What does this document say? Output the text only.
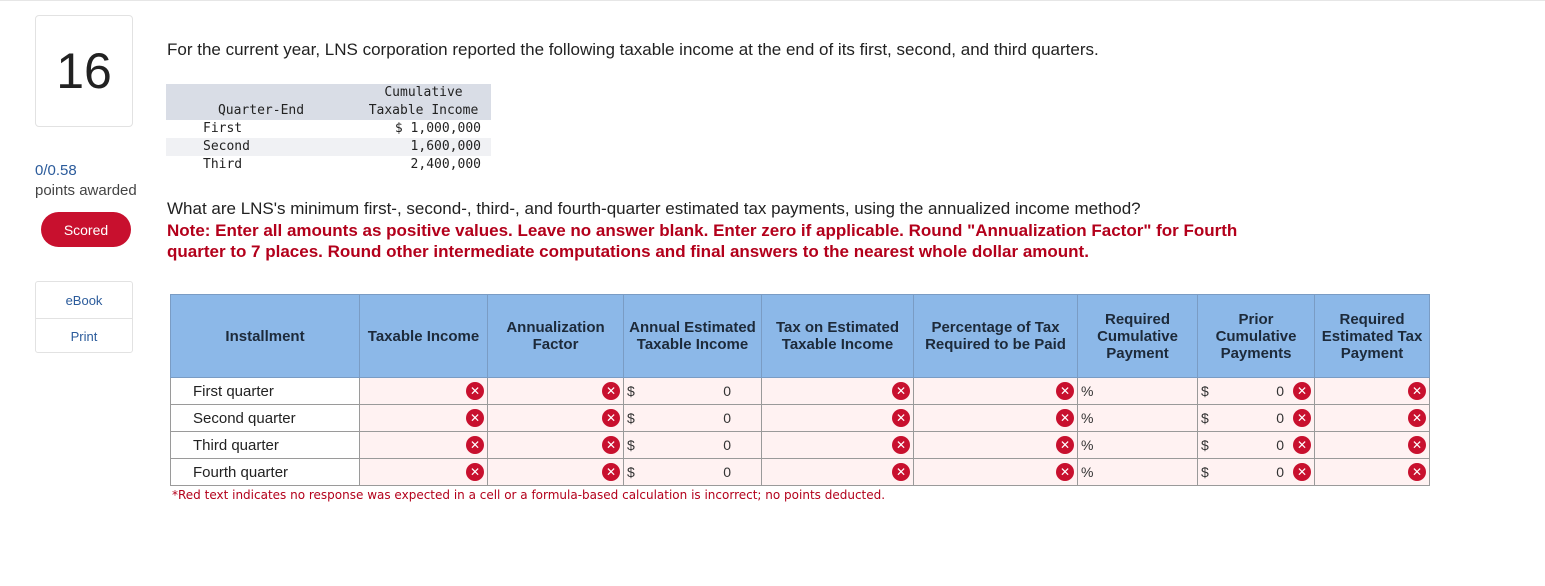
16
0/0.58
points awarded
Scored
eBook
Print
For the current year, LNS corporation reported the following taxable income at the end of its first, second, and third quarters.
Quarter-End	Cumulative
Taxable Income

First	$ 1,000,000
Second	1,600,000
Third	2,400,000
What are LNS's minimum first-, second-, third-, and fourth-quarter estimated tax payments, using the annualized income method?
Note: Enter all amounts as positive values. Leave no answer blank. Enter zero if applicable. Round "Annualization Factor" for Fourth quarter to 7 places. Round other intermediate computations and final answers to the nearest whole dollar amount.
Installment	Taxable Income	Annualization Factor	Annual Estimated Taxable Income	Tax on Estimated Taxable Income	Percentage of Tax Required to be Paid	Required Cumulative Payment	Prior Cumulative Payments	Required Estimated Tax Payment
First quarter	✕	✕	$ 0	✕	✕	%	$ 0 ✕	✕

Second quarter	✕	✕	$ 0	✕	✕	%	$ 0 ✕	✕

Third quarter	✕	✕	$ 0	✕	✕	%	$ 0 ✕	✕

Fourth quarter	✕	✕	$ 0	✕	✕	%	$ 0 ✕	✕
*Red text indicates no response was expected in a cell or a formula-based calculation is incorrect; no points deducted.
